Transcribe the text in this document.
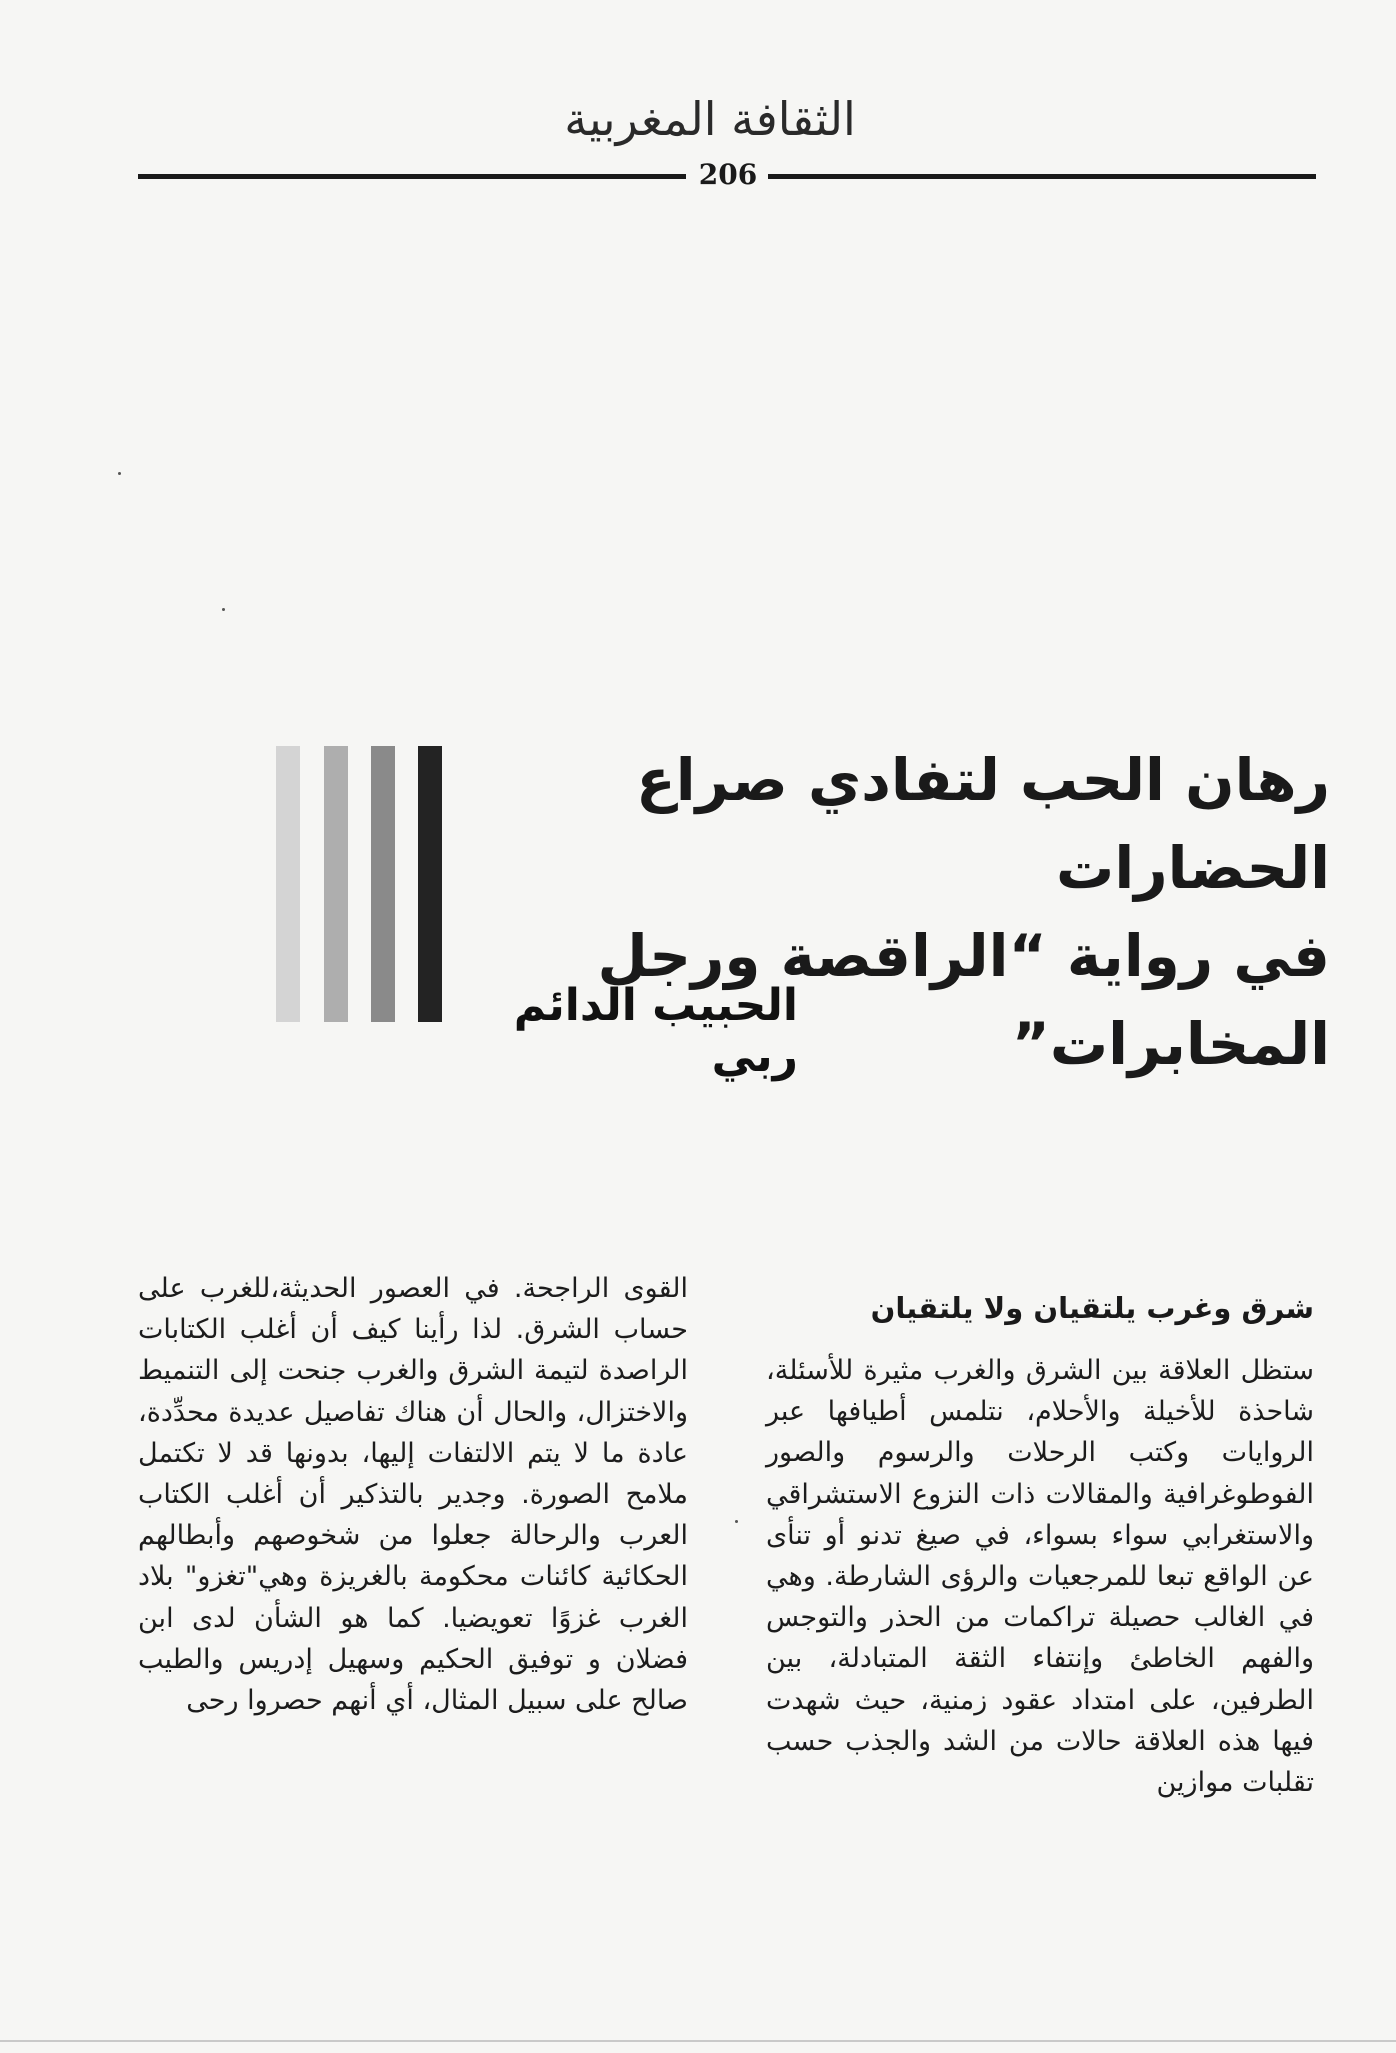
الثقافة المغربية
206
رهان الحب لتفادي صراع الحضارات
في رواية “الراقصة ورجل المخابرات”
الحبيب الدائم ربي
شرق وغرب يلتقيان ولا يلتقيان

ستظل العلاقة بين الشرق والغرب مثيرة للأسئلة، شاحذة للأخيلة والأحلام، نتلمس أطيافها عبر الروايات وكتب الرحلات والرسوم والصور الفوطوغرافية والمقالات ذات النزوع الاستشراقي والاستغرابي سواء بسواء، في صيغ تدنو أو تنأى عن الواقع تبعا للمرجعيات والرؤى الشارطة. وهي في الغالب حصيلة تراكمات من الحذر والتوجس والفهم الخاطئ وإنتفاء الثقة المتبادلة، بين الطرفين، على امتداد عقود زمنية، حيث شهدت فيها هذه العلاقة حالات من الشد والجذب حسب تقلبات موازين

القوى الراجحة. في العصور الحديثة،للغرب على حساب الشرق. لذا رأينا كيف أن أغلب الكتابات الراصدة لتيمة الشرق والغرب جنحت إلى التنميط والاختزال، والحال أن هناك تفاصيل عديدة محدِّدة، عادة ما لا يتم الالتفات إليها، بدونها قد لا تكتمل ملامح الصورة. وجدير بالتذكير أن أغلب الكتاب العرب والرحالة جعلوا من شخوصهم وأبطالهم الحكائية كائنات محكومة بالغريزة وهي"تغزو" بلاد الغرب غزوًا تعويضيا. كما هو الشأن لدى ابن فضلان و توفيق الحكيم وسهيل إدريس والطيب صالح على سبيل المثال، أي أنهم حصروا رحى
